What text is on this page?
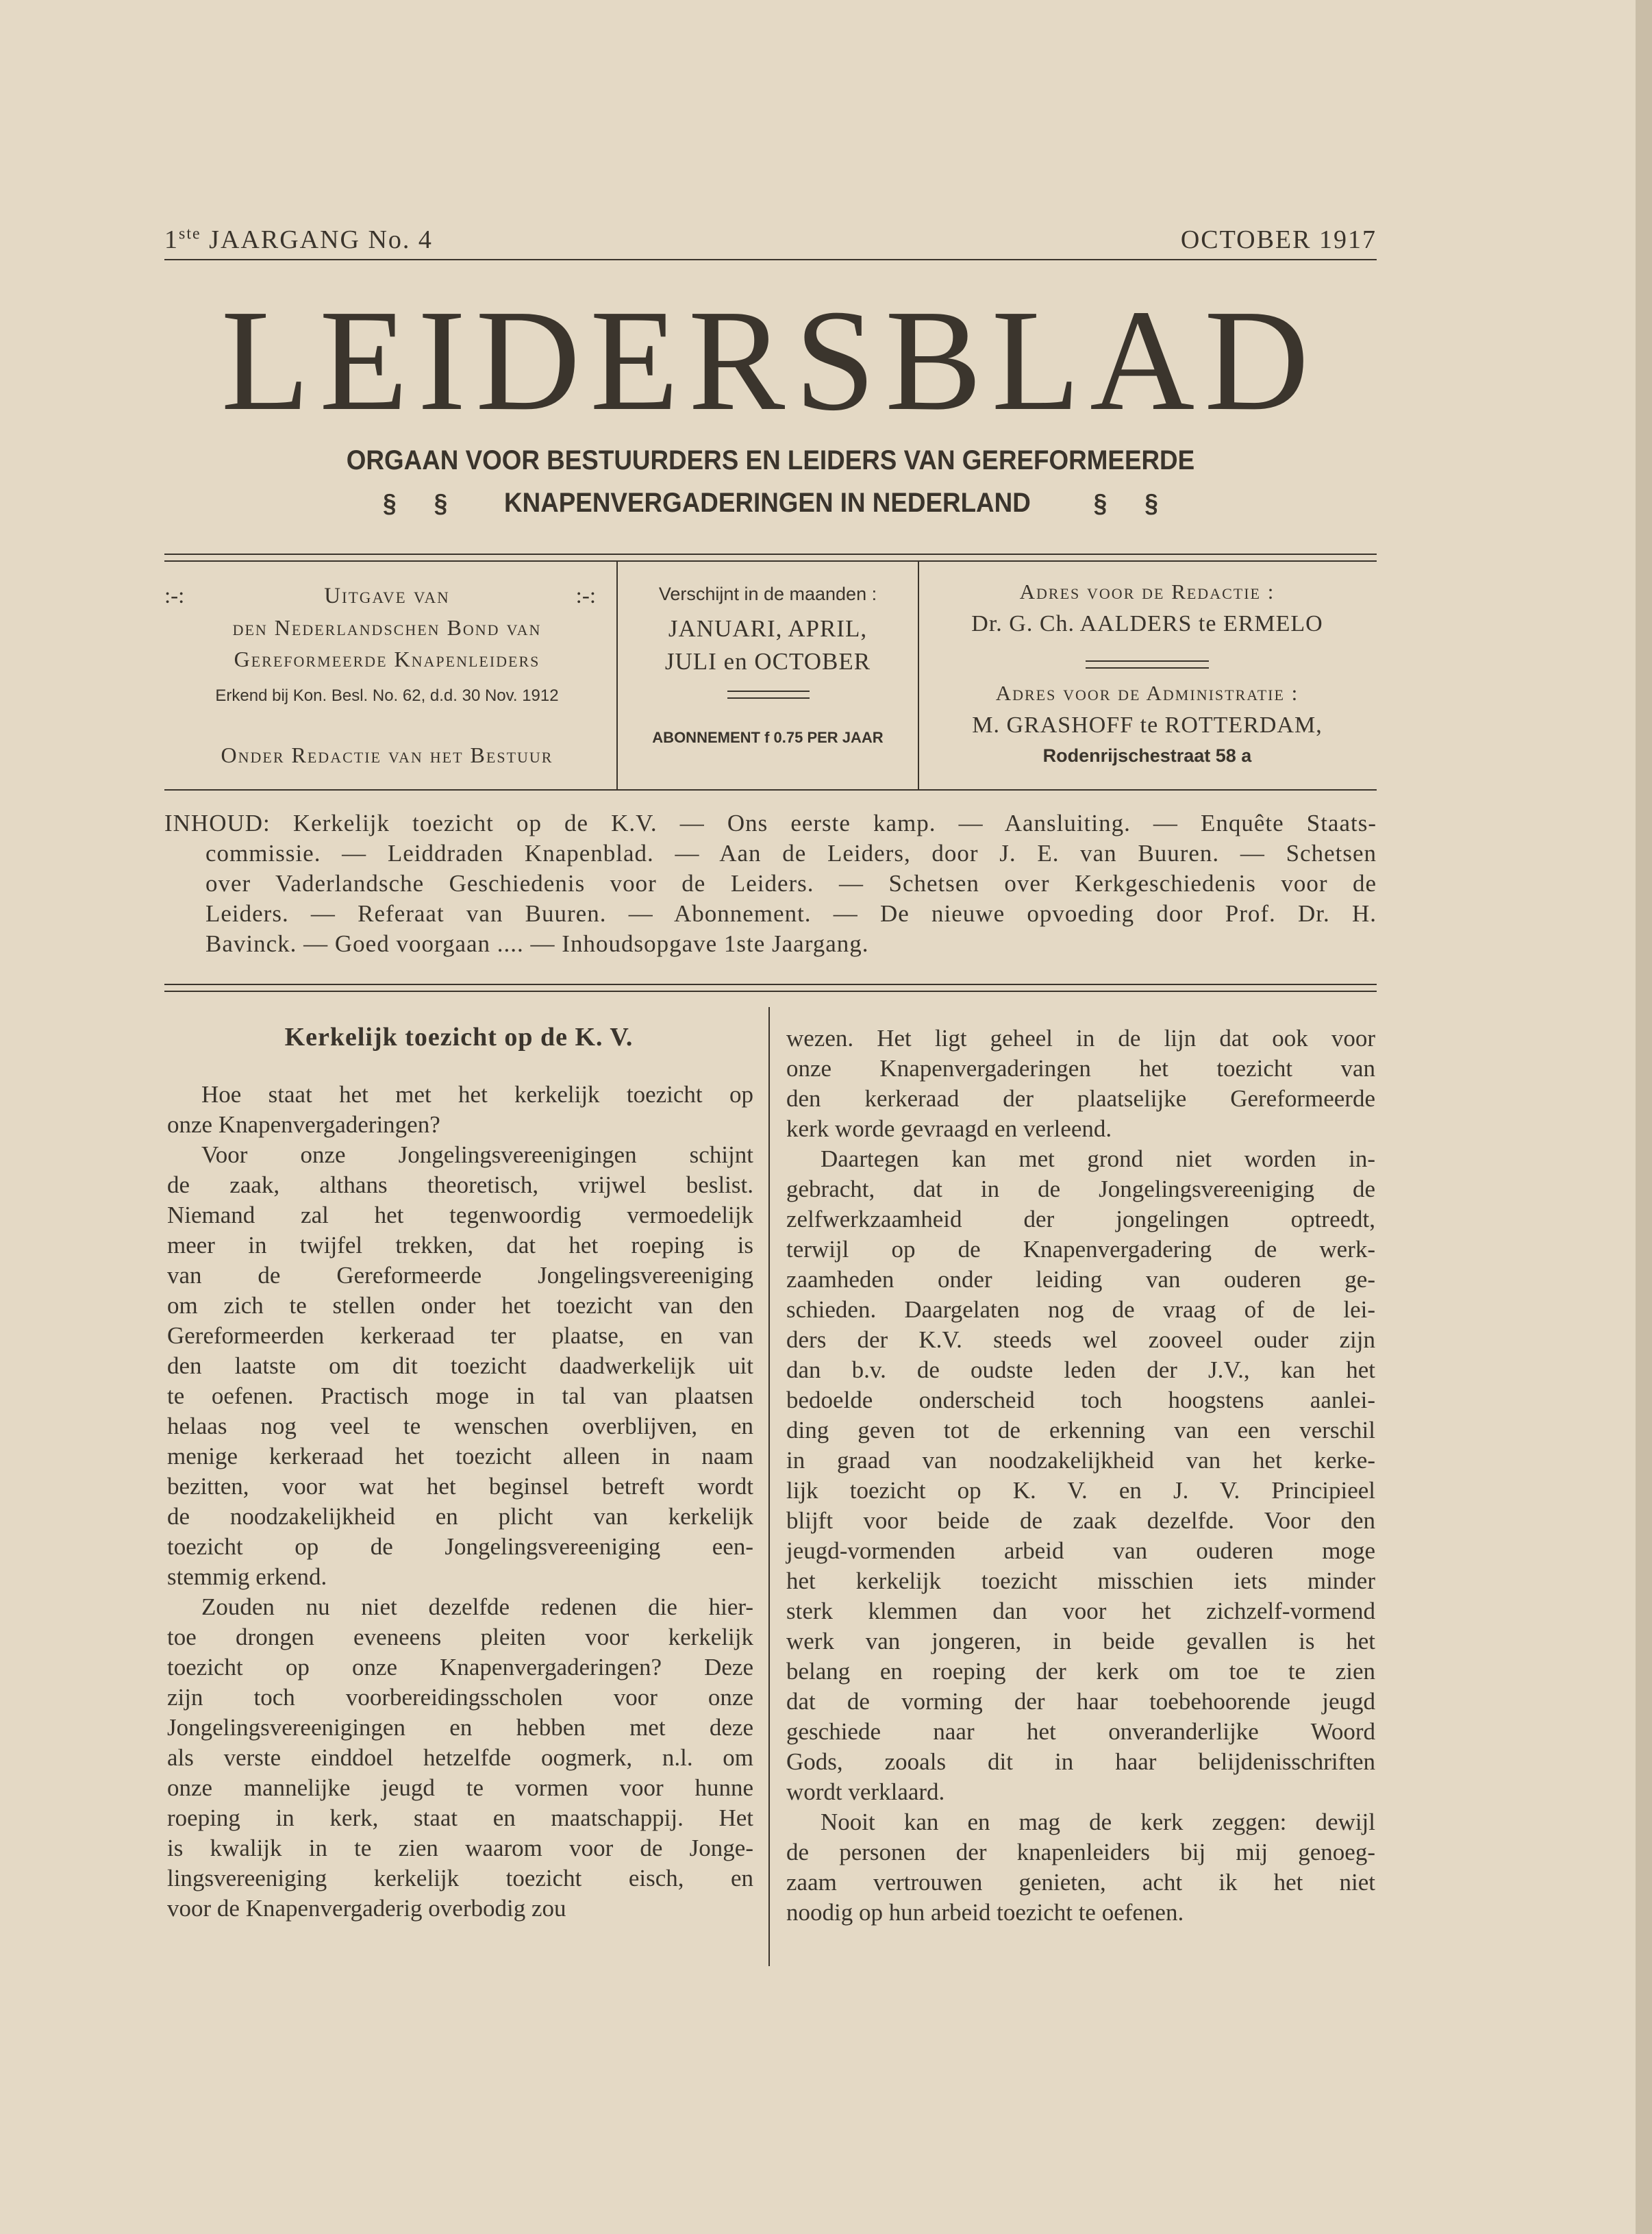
1ste JAARGANG No. 4	OCTOBER 1917
LEIDERSBLAD
ORGAAN VOOR BESTUURDERS EN LEIDERS VAN GEREFORMEERDE
§ § KNAPENVERGADERINGEN IN NEDERLAND § §
:-:	Uitgave van	:-:
den Nederlandschen Bond van
Gereformeerde Knapenleiders
Erkend bij Kon. Besl. No. 62, d.d. 30 Nov. 1912
Onder Redactie van het Bestuur
Verschijnt in de maanden :
JANUARI, APRIL,
JULI en OCTOBER
ABONNEMENT f 0.75 PER JAAR
Adres voor de Redactie :
Dr. G. Ch. AALDERS te ERMELO
Adres voor de Administratie :
M. GRASHOFF te ROTTERDAM,
Rodenrijschestraat 58 a
INHOUD: Kerkelijk toezicht op de K.V. — Ons eerste kamp. — Aansluiting. — Enquête Staats-
commissie. — Leiddraden Knapenblad. — Aan de Leiders, door J. E. van Buuren. — Schetsen
over Vaderlandsche Geschiedenis voor de Leiders. — Schetsen over Kerkgeschiedenis voor de
Leiders. — Referaat van Buuren. — Abonnement. — De nieuwe opvoeding door Prof. Dr. H.
Bavinck. — Goed voorgaan .... — Inhoudsopgave 1ste Jaargang.
Kerkelijk toezicht op de K. V.

Hoe staat het met het kerkelijk toezicht op

onze Knapenvergaderingen?

Voor onze Jongelingsvereenigingen schijnt

de zaak, althans theoretisch, vrijwel beslist.

Niemand zal het tegenwoordig vermoedelijk

meer in twijfel trekken, dat het roeping is

van de Gereformeerde Jongelingsvereeniging

om zich te stellen onder het toezicht van den

Gereformeerden kerkeraad ter plaatse, en van

den laatste om dit toezicht daadwerkelijk uit

te oefenen. Practisch moge in tal van plaatsen

helaas nog veel te wenschen overblijven, en

menige kerkeraad het toezicht alleen in naam

bezitten, voor wat het beginsel betreft wordt

de noodzakelijkheid en plicht van kerkelijk

toezicht op de Jongelingsvereeniging een-

stemmig erkend.

Zouden nu niet dezelfde redenen die hier-

toe drongen eveneens pleiten voor kerkelijk

toezicht op onze Knapenvergaderingen? Deze

zijn toch voorbereidingsscholen voor onze

Jongelingsvereenigingen en hebben met deze

als verste einddoel hetzelfde oogmerk, n.l. om

onze mannelijke jeugd te vormen voor hunne

roeping in kerk, staat en maatschappij. Het

is kwalijk in te zien waarom voor de Jonge-

lingsvereeniging kerkelijk toezicht eisch, en

voor de Knapenvergaderig overbodig zou

wezen. Het ligt geheel in de lijn dat ook voor

onze Knapenvergaderingen het toezicht van

den kerkeraad der plaatselijke Gereformeerde

kerk worde gevraagd en verleend.

Daartegen kan met grond niet worden in-

gebracht, dat in de Jongelingsvereeniging de

zelfwerkzaamheid der jongelingen optreedt,

terwijl op de Knapenvergadering de werk-

zaamheden onder leiding van ouderen ge-

schieden. Daargelaten nog de vraag of de lei-

ders der K.V. steeds wel zooveel ouder zijn

dan b.v. de oudste leden der J.V., kan het

bedoelde onderscheid toch hoogstens aanlei-

ding geven tot de erkenning van een verschil

in graad van noodzakelijkheid van het kerke-

lijk toezicht op K. V. en J. V. Principieel

blijft voor beide de zaak dezelfde. Voor den

jeugd-vormenden arbeid van ouderen moge

het kerkelijk toezicht misschien iets minder

sterk klemmen dan voor het zichzelf-vormend

werk van jongeren, in beide gevallen is het

belang en roeping der kerk om toe te zien

dat de vorming der haar toebehoorende jeugd

geschiede naar het onveranderlijke Woord

Gods, zooals dit in haar belijdenisschriften

wordt verklaard.

Nooit kan en mag de kerk zeggen: dewijl

de personen der knapenleiders bij mij genoeg-

zaam vertrouwen genieten, acht ik het niet

noodig op hun arbeid toezicht te oefenen.
